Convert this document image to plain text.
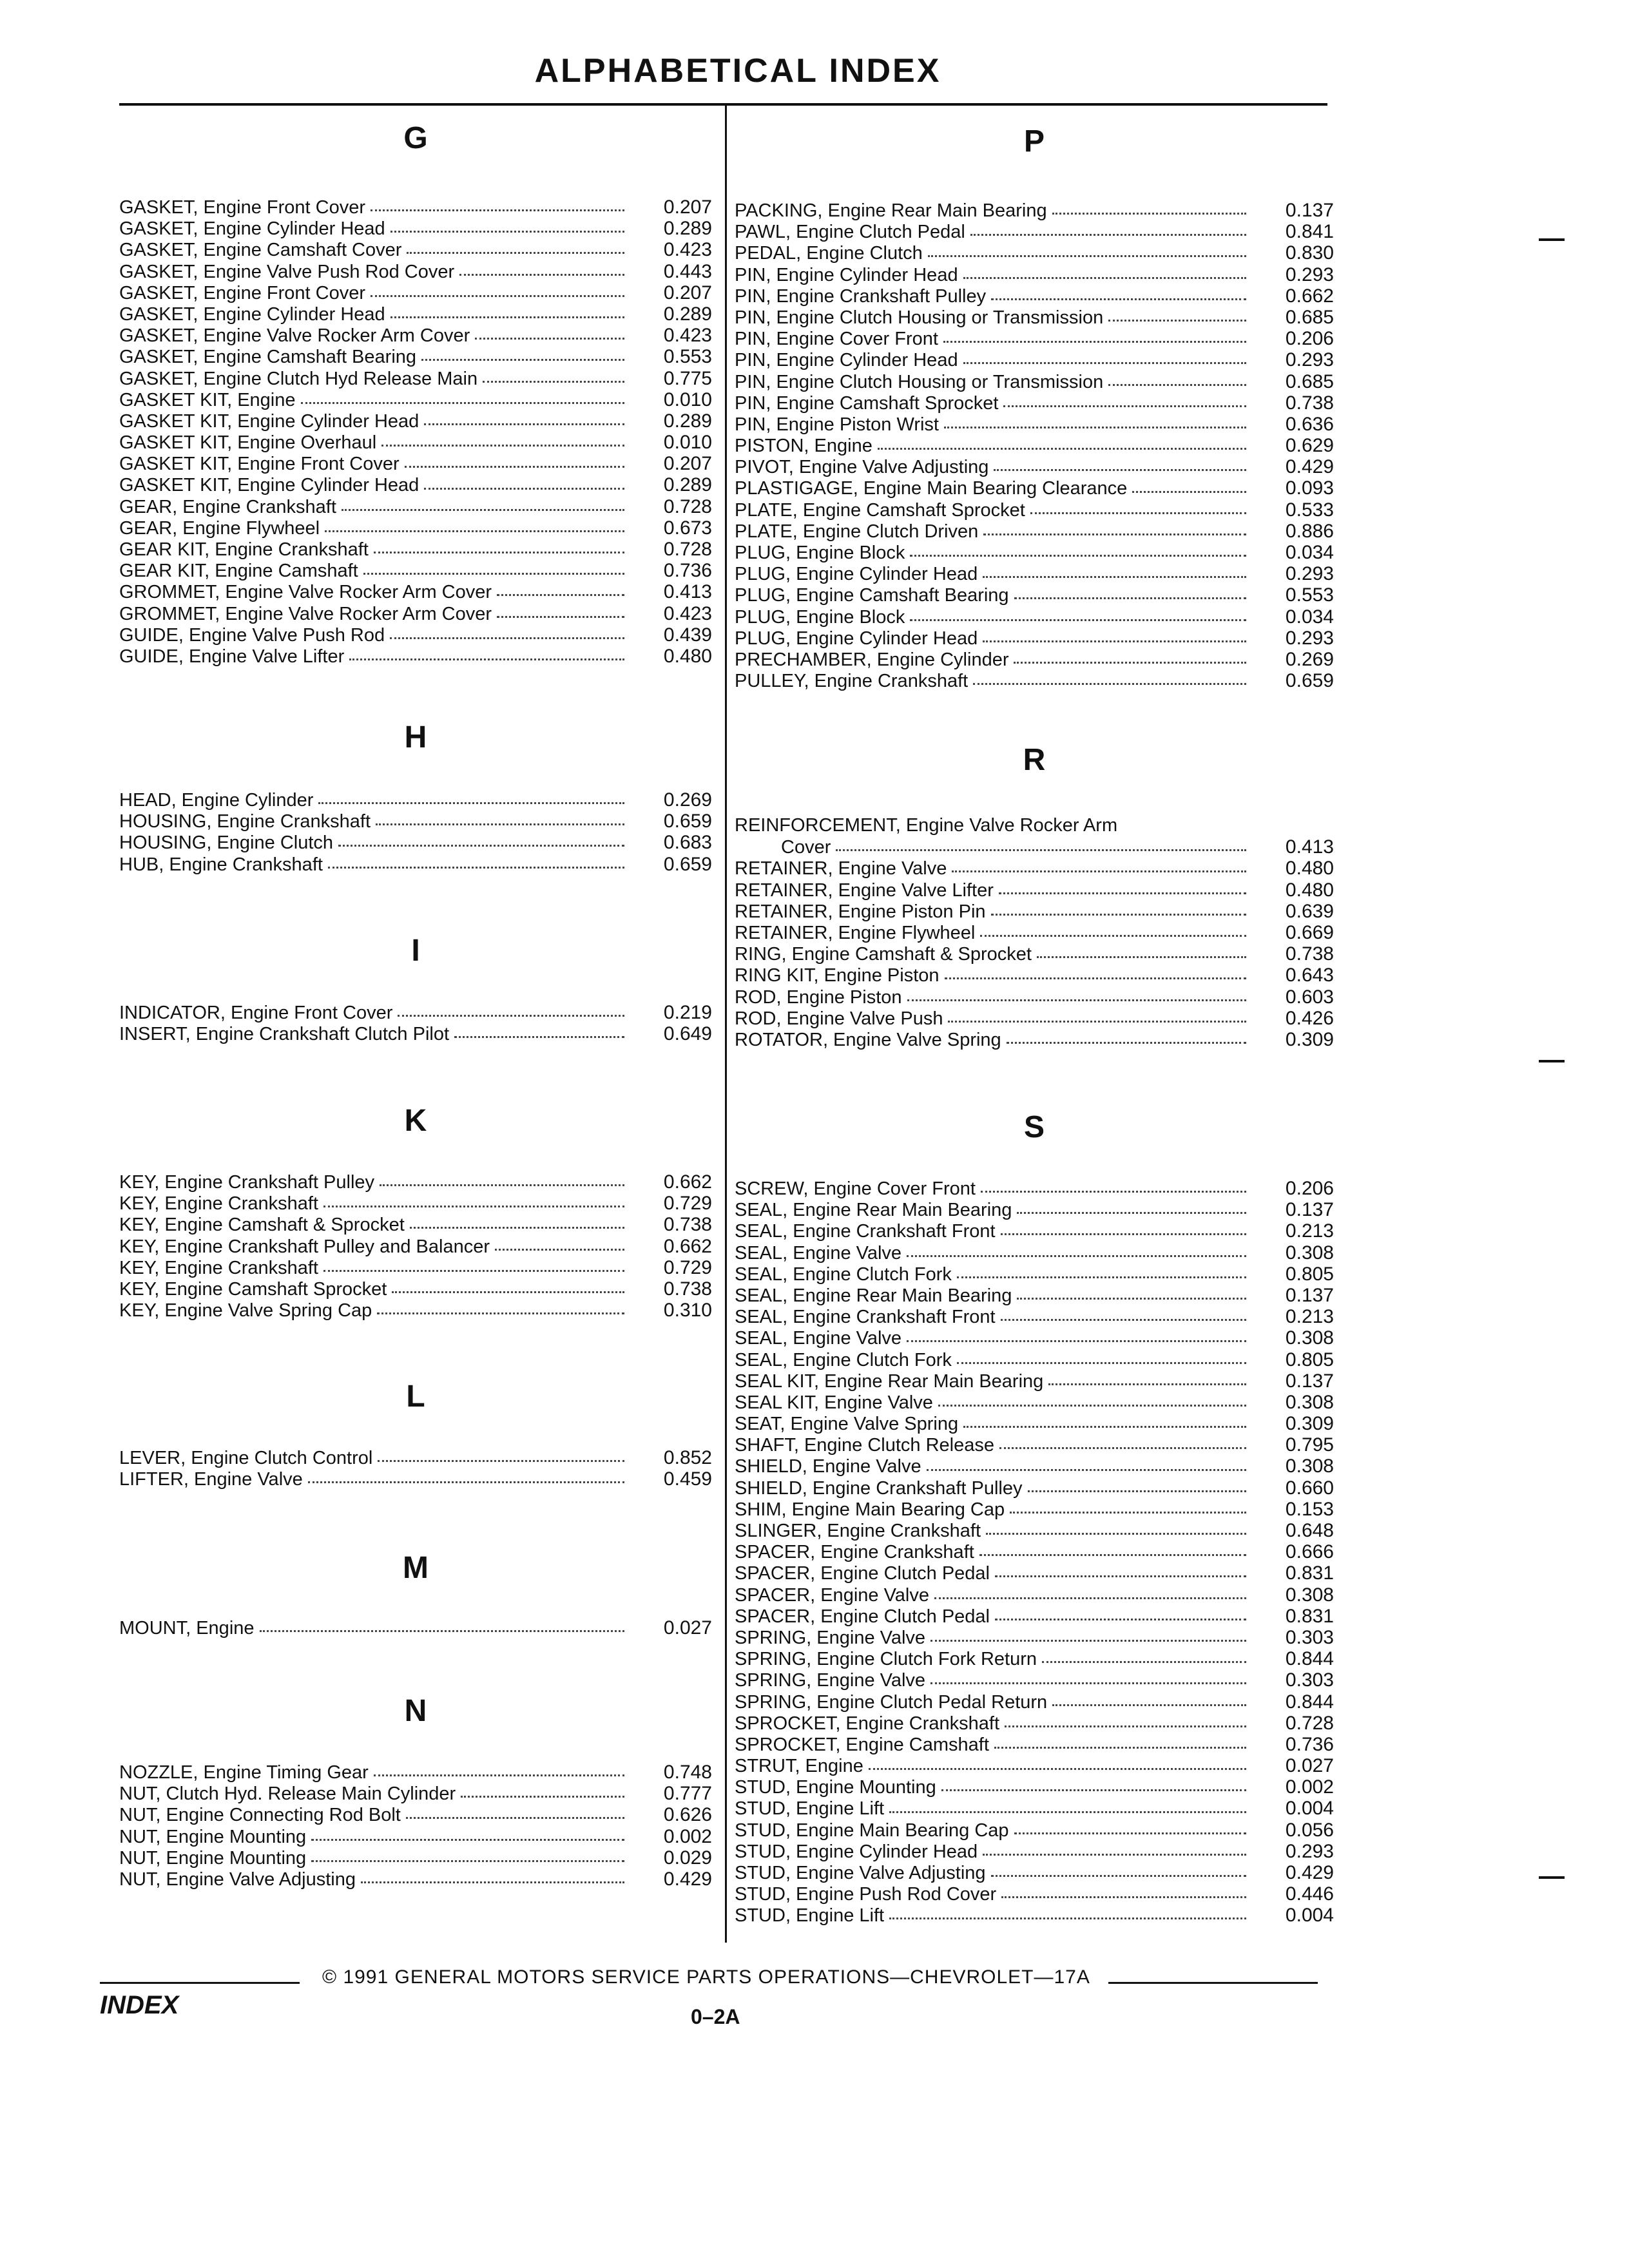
ALPHABETICAL INDEX
G
GASKET, Engine Front Cover	0.207
GASKET, Engine Cylinder Head	0.289
GASKET, Engine Camshaft Cover	0.423
GASKET, Engine Valve Push Rod Cover	0.443
GASKET, Engine Front Cover	0.207
GASKET, Engine Cylinder Head	0.289
GASKET, Engine Valve Rocker Arm Cover	0.423
GASKET, Engine Camshaft Bearing	0.553
GASKET, Engine Clutch Hyd Release Main	0.775
GASKET KIT, Engine	0.010
GASKET KIT, Engine Cylinder Head	0.289
GASKET KIT, Engine Overhaul	0.010
GASKET KIT, Engine Front Cover	0.207
GASKET KIT, Engine Cylinder Head	0.289
GEAR, Engine Crankshaft	0.728
GEAR, Engine Flywheel	0.673
GEAR KIT, Engine Crankshaft	0.728
GEAR KIT, Engine Camshaft	0.736
GROMMET, Engine Valve Rocker Arm Cover	0.413
GROMMET, Engine Valve Rocker Arm Cover	0.423
GUIDE, Engine Valve Push Rod	0.439
GUIDE, Engine Valve Lifter	0.480
H
HEAD, Engine Cylinder	0.269
HOUSING, Engine Crankshaft	0.659
HOUSING, Engine Clutch	0.683
HUB, Engine Crankshaft	0.659
I
INDICATOR, Engine Front Cover	0.219
INSERT, Engine Crankshaft Clutch Pilot	0.649
K
KEY, Engine Crankshaft Pulley	0.662
KEY, Engine Crankshaft	0.729
KEY, Engine Camshaft & Sprocket	0.738
KEY, Engine Crankshaft Pulley and Balancer	0.662
KEY, Engine Crankshaft	0.729
KEY, Engine Camshaft Sprocket	0.738
KEY, Engine Valve Spring Cap	0.310
L
LEVER, Engine Clutch Control	0.852
LIFTER, Engine Valve	0.459
M
MOUNT, Engine	0.027
N
NOZZLE, Engine Timing Gear	0.748
NUT, Clutch Hyd. Release Main Cylinder	0.777
NUT, Engine Connecting Rod Bolt	0.626
NUT, Engine Mounting	0.002
NUT, Engine Mounting	0.029
NUT, Engine Valve Adjusting	0.429
P
PACKING, Engine Rear Main Bearing	0.137
PAWL, Engine Clutch Pedal	0.841
PEDAL, Engine Clutch	0.830
PIN, Engine Cylinder Head	0.293
PIN, Engine Crankshaft Pulley	0.662
PIN, Engine Clutch Housing or Transmission	0.685
PIN, Engine Cover Front	0.206
PIN, Engine Cylinder Head	0.293
PIN, Engine Clutch Housing or Transmission	0.685
PIN, Engine Camshaft Sprocket	0.738
PIN, Engine Piston Wrist	0.636
PISTON, Engine	0.629
PIVOT, Engine Valve Adjusting	0.429
PLASTIGAGE, Engine Main Bearing Clearance	0.093
PLATE, Engine Camshaft Sprocket	0.533
PLATE, Engine Clutch Driven	0.886
PLUG, Engine Block	0.034
PLUG, Engine Cylinder Head	0.293
PLUG, Engine Camshaft Bearing	0.553
PLUG, Engine Block	0.034
PLUG, Engine Cylinder Head	0.293
PRECHAMBER, Engine Cylinder	0.269
PULLEY, Engine Crankshaft	0.659
R
REINFORCEMENT, Engine Valve Rocker Arm
Cover	0.413
RETAINER, Engine Valve	0.480
RETAINER, Engine Valve Lifter	0.480
RETAINER, Engine Piston Pin	0.639
RETAINER, Engine Flywheel	0.669
RING, Engine Camshaft & Sprocket	0.738
RING KIT, Engine Piston	0.643
ROD, Engine Piston	0.603
ROD, Engine Valve Push	0.426
ROTATOR, Engine Valve Spring	0.309
S
SCREW, Engine Cover Front	0.206
SEAL, Engine Rear Main Bearing	0.137
SEAL, Engine Crankshaft Front	0.213
SEAL, Engine Valve	0.308
SEAL, Engine Clutch Fork	0.805
SEAL, Engine Rear Main Bearing	0.137
SEAL, Engine Crankshaft Front	0.213
SEAL, Engine Valve	0.308
SEAL, Engine Clutch Fork	0.805
SEAL KIT, Engine Rear Main Bearing	0.137
SEAL KIT, Engine Valve	0.308
SEAT, Engine Valve Spring	0.309
SHAFT, Engine Clutch Release	0.795
SHIELD, Engine Valve	0.308
SHIELD, Engine Crankshaft Pulley	0.660
SHIM, Engine Main Bearing Cap	0.153
SLINGER, Engine Crankshaft	0.648
SPACER, Engine Crankshaft	0.666
SPACER, Engine Clutch Pedal	0.831
SPACER, Engine Valve	0.308
SPACER, Engine Clutch Pedal	0.831
SPRING, Engine Valve	0.303
SPRING, Engine Clutch Fork Return	0.844
SPRING, Engine Valve	0.303
SPRING, Engine Clutch Pedal Return	0.844
SPROCKET, Engine Crankshaft	0.728
SPROCKET, Engine Camshaft	0.736
STRUT, Engine	0.027
STUD, Engine Mounting	0.002
STUD, Engine Lift	0.004
STUD, Engine Main Bearing Cap	0.056
STUD, Engine Cylinder Head	0.293
STUD, Engine Valve Adjusting	0.429
STUD, Engine Push Rod Cover	0.446
STUD, Engine Lift	0.004
© 1991 GENERAL MOTORS SERVICE PARTS OPERATIONS—CHEVROLET—17A
INDEX	0–2A
